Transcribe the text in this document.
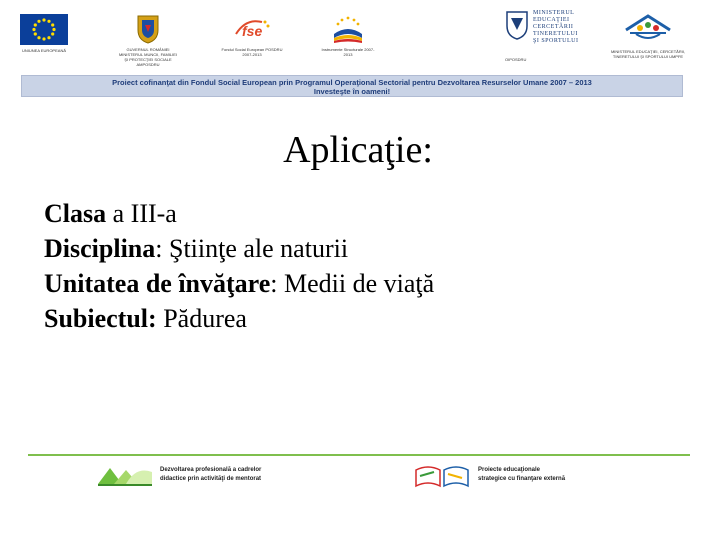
UNIUNEA EUROPEANĂ	GUVERNUL ROMÂNIEI MINISTERUL MUNCII, FAMILIEI ŞI PROTECŢIEI SOCIALE AMPOSDRU
fse
Fondul Social European POSDRU 2007-2013
Instrumente Structurale 2007-2013
MINISTERUL
EDUCAŢIEI
CERCETĂRII
TINERETULUI
ŞI SPORTULUI
OIPOSDRU
MINISTERUL EDUCAŢIEI, CERCETĂRII, TINERETULUI ŞI SPORTULUI UMPFE
Proiect cofinanţat din Fondul Social European prin Programul Operaţional Sectorial pentru Dezvoltarea Resurselor Umane 2007 – 2013
Investeşte în oameni!
Aplicaţie:
Clasa a III-a
Disciplina: Ştiinţe ale naturii
Unitatea de învăţare: Medii de viaţă
Subiectul: Pădurea
Dezvoltarea profesională a cadrelor
didactice prin activităţi de mentorat
Proiecte educaţionale
strategice cu finanţare externă
